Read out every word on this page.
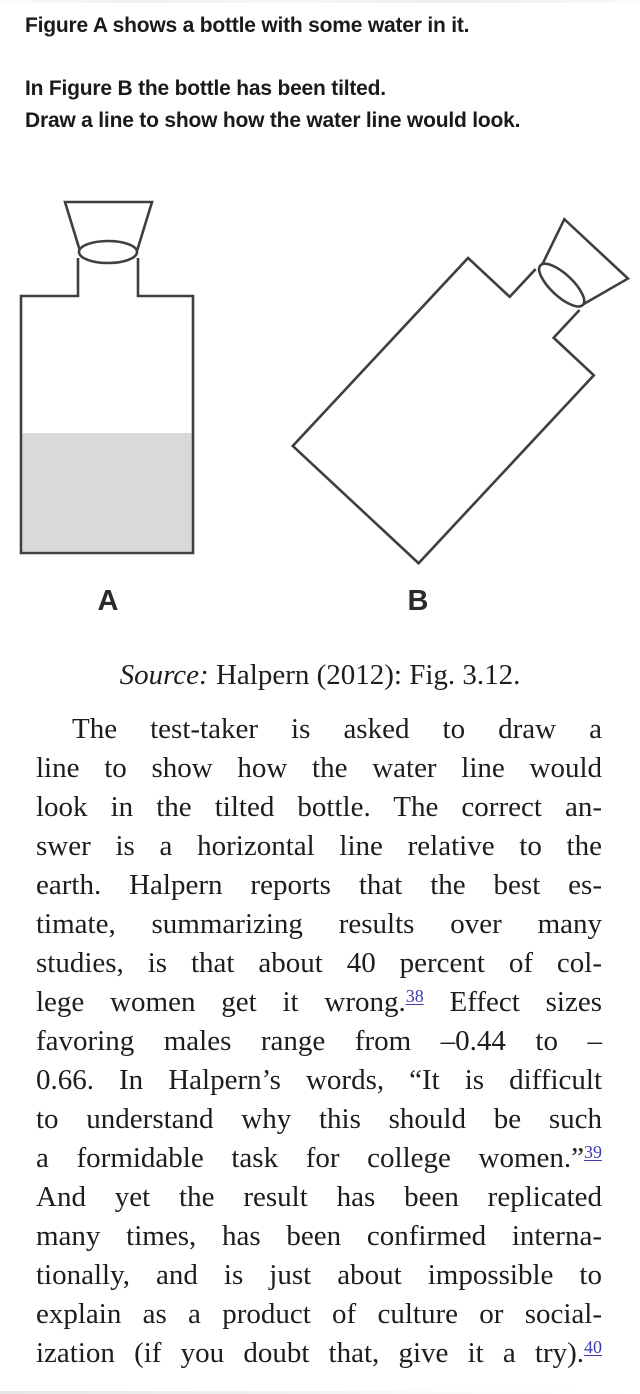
Figure A shows a bottle with some water in it.
In Figure B the bottle has been tilted.
Draw a line to show how the water line would look.
A	B
Source: Halpern (2012): Fig. 3.12.
The test-taker is asked to draw a
line to show how the water line would
look in the tilted bottle. The correct an-
swer is a horizontal line relative to the
earth. Halpern reports that the best es-
timate, summarizing results over many
studies, is that about 40 percent of col-
lege women get it wrong.$^{38}$ Effect sizes
favoring males range from –0.44 to –
0.66. In Halpern’s words, “It is difficult
to understand why this should be such
a formidable task for college women.”$^{39}$
And yet the result has been replicated
many times, has been confirmed interna-
tionally, and is just about impossible to
explain as a product of culture or social-
ization (if you doubt that, give it a try).$^{40}$
